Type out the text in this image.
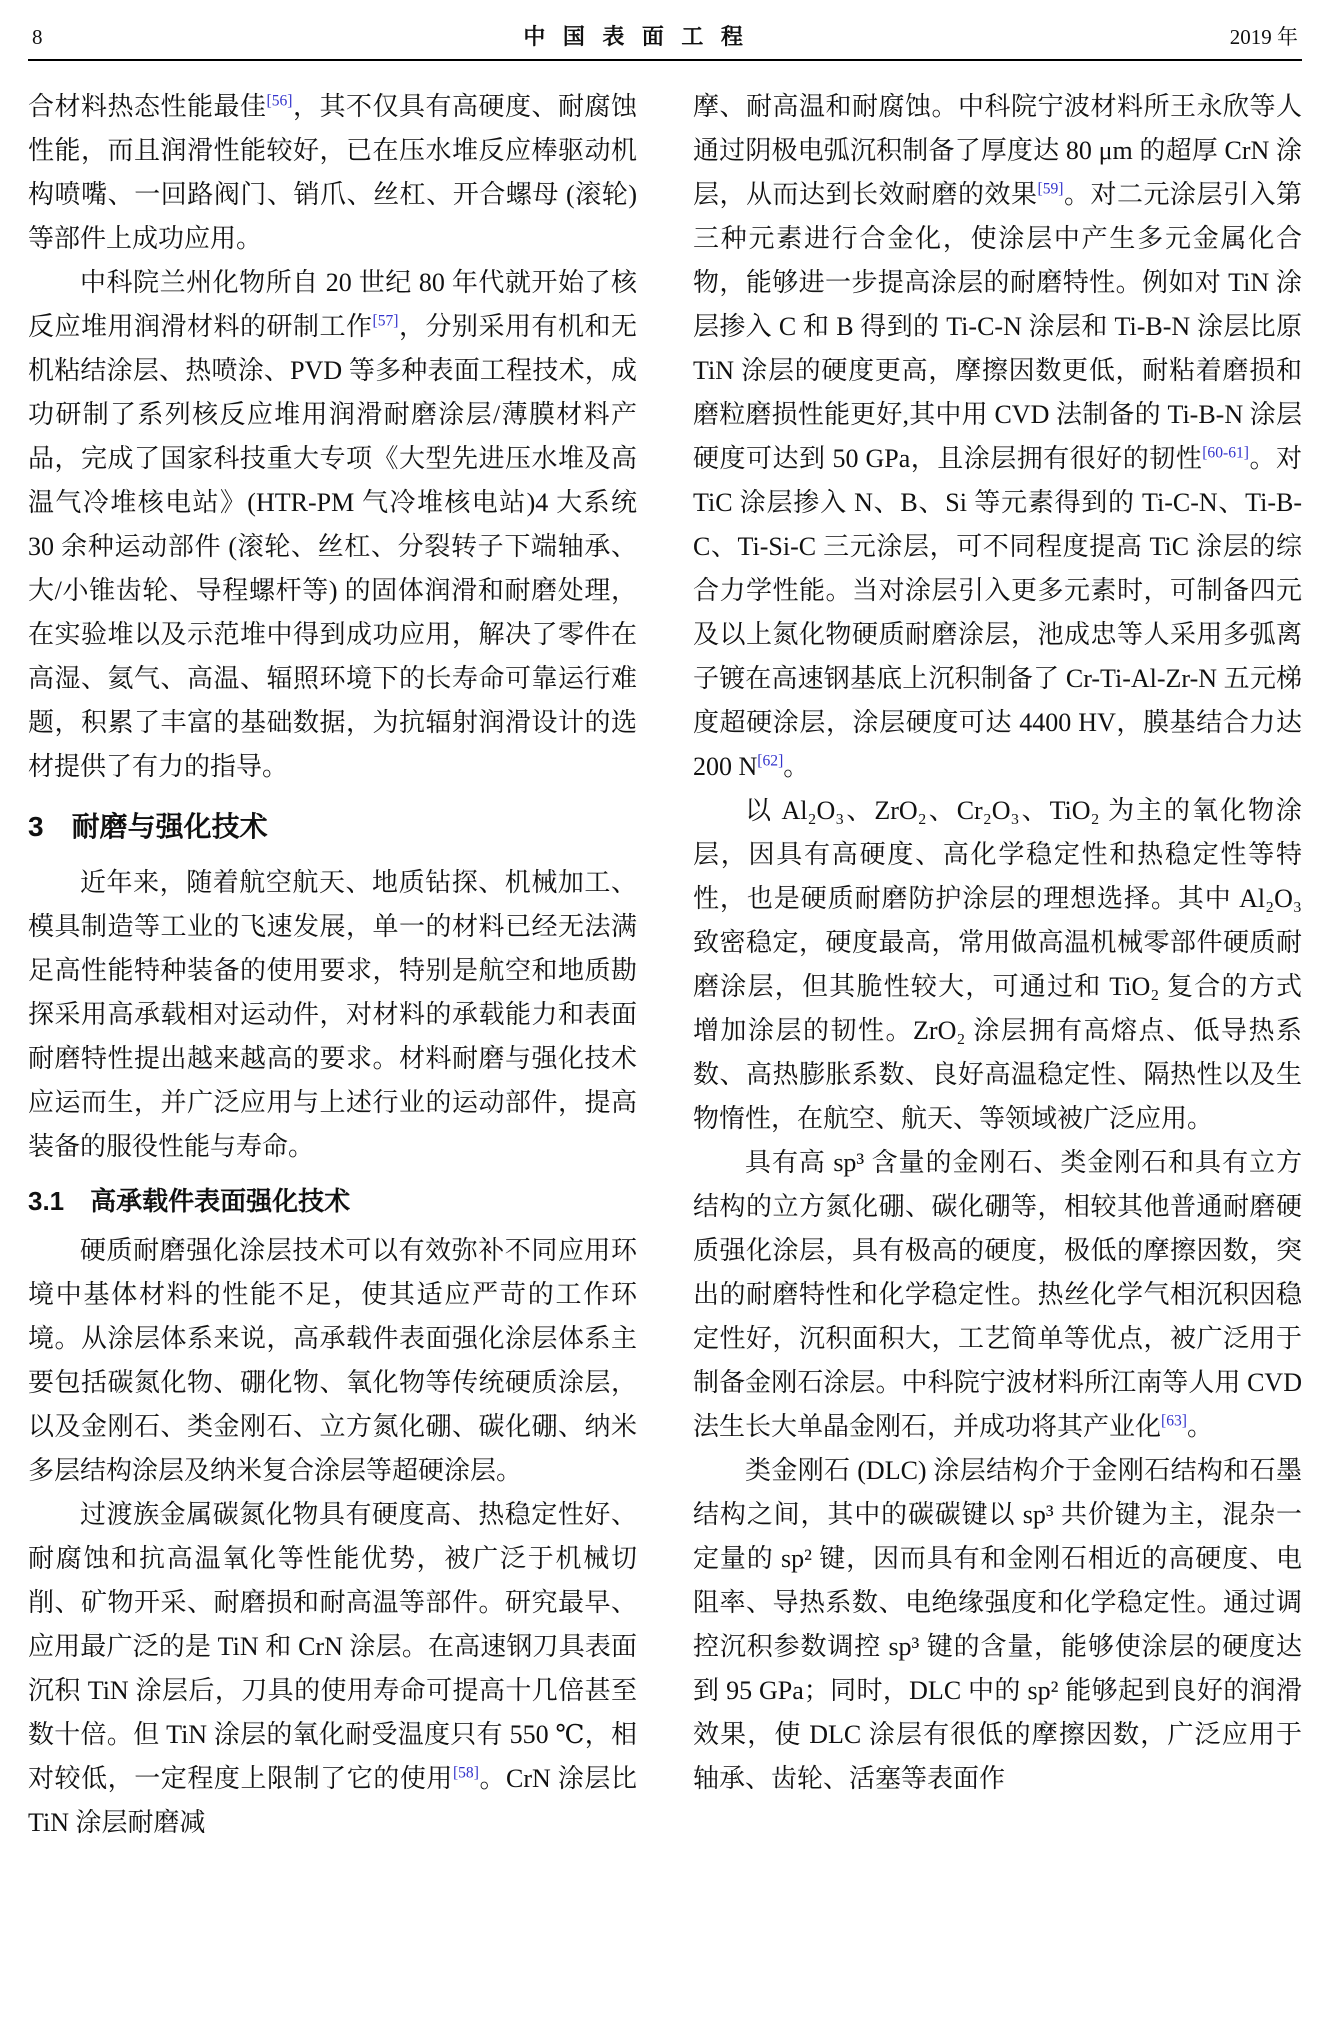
8	中 国 表 面 工 程	2019 年

合材料热态性能最佳[56]，其不仅具有高硬度、耐腐蚀性能，而且润滑性能较好，已在压水堆反应棒驱动机构喷嘴、一回路阀门、销爪、丝杠、开合螺母 (滚轮) 等部件上成功应用。

中科院兰州化物所自 20 世纪 80 年代就开始了核反应堆用润滑材料的研制工作[57]，分别采用有机和无机粘结涂层、热喷涂、PVD 等多种表面工程技术，成功研制了系列核反应堆用润滑耐磨涂层/薄膜材料产品，完成了国家科技重大专项《大型先进压水堆及高温气冷堆核电站》(HTR-PM 气冷堆核电站)4 大系统 30 余种运动部件 (滚轮、丝杠、分裂转子下端轴承、大/小锥齿轮、导程螺杆等) 的固体润滑和耐磨处理，在实验堆以及示范堆中得到成功应用，解决了零件在高湿、氦气、高温、辐照环境下的长寿命可靠运行难题，积累了丰富的基础数据，为抗辐射润滑设计的选材提供了有力的指导。

3　耐磨与强化技术

近年来，随着航空航天、地质钻探、机械加工、模具制造等工业的飞速发展，单一的材料已经无法满足高性能特种装备的使用要求，特别是航空和地质勘探采用高承载相对运动件，对材料的承载能力和表面耐磨特性提出越来越高的要求。材料耐磨与强化技术应运而生，并广泛应用与上述行业的运动部件，提高装备的服役性能与寿命。

3.1　高承载件表面强化技术

硬质耐磨强化涂层技术可以有效弥补不同应用环境中基体材料的性能不足，使其适应严苛的工作环境。从涂层体系来说，高承载件表面强化涂层体系主要包括碳氮化物、硼化物、氧化物等传统硬质涂层，以及金刚石、类金刚石、立方氮化硼、碳化硼、纳米多层结构涂层及纳米复合涂层等超硬涂层。

过渡族金属碳氮化物具有硬度高、热稳定性好、耐腐蚀和抗高温氧化等性能优势，被广泛于机械切削、矿物开采、耐磨损和耐高温等部件。研究最早、应用最广泛的是 TiN 和 CrN 涂层。在高速钢刀具表面沉积 TiN 涂层后，刀具的使用寿命可提高十几倍甚至数十倍。但 TiN 涂层的氧化耐受温度只有 550 ℃，相对较低，一定程度上限制了它的使用[58]。CrN 涂层比 TiN 涂层耐磨减

摩、耐高温和耐腐蚀。中科院宁波材料所王永欣等人通过阴极电弧沉积制备了厚度达 80 μm 的超厚 CrN 涂层，从而达到长效耐磨的效果[59]。对二元涂层引入第三种元素进行合金化，使涂层中产生多元金属化合物，能够进一步提高涂层的耐磨特性。例如对 TiN 涂层掺入 C 和 B 得到的 Ti-C-N 涂层和 Ti-B-N 涂层比原 TiN 涂层的硬度更高，摩擦因数更低，耐粘着磨损和磨粒磨损性能更好,其中用 CVD 法制备的 Ti-B-N 涂层硬度可达到 50 GPa，且涂层拥有很好的韧性[60-61]。对 TiC 涂层掺入 N、B、Si 等元素得到的 Ti-C-N、Ti-B-C、Ti-Si-C 三元涂层，可不同程度提高 TiC 涂层的综合力学性能。当对涂层引入更多元素时，可制备四元及以上氮化物硬质耐磨涂层，池成忠等人采用多弧离子镀在高速钢基底上沉积制备了 Cr-Ti-Al-Zr-N 五元梯度超硬涂层，涂层硬度可达 4400 HV，膜基结合力达 200 N[62]。

以 Al₂O₃、ZrO₂、Cr₂O₃、TiO₂ 为主的氧化物涂层，因具有高硬度、高化学稳定性和热稳定性等特性，也是硬质耐磨防护涂层的理想选择。其中 Al₂O₃ 致密稳定，硬度最高，常用做高温机械零部件硬质耐磨涂层，但其脆性较大，可通过和 TiO₂ 复合的方式增加涂层的韧性。ZrO₂ 涂层拥有高熔点、低导热系数、高热膨胀系数、良好高温稳定性、隔热性以及生物惰性，在航空、航天、等领域被广泛应用。

具有高 sp³ 含量的金刚石、类金刚石和具有立方结构的立方氮化硼、碳化硼等，相较其他普通耐磨硬质强化涂层，具有极高的硬度，极低的摩擦因数，突出的耐磨特性和化学稳定性。热丝化学气相沉积因稳定性好，沉积面积大，工艺简单等优点，被广泛用于制备金刚石涂层。中科院宁波材料所江南等人用 CVD 法生长大单晶金刚石，并成功将其产业化[63]。

类金刚石 (DLC) 涂层结构介于金刚石结构和石墨结构之间，其中的碳碳键以 sp³ 共价键为主，混杂一定量的 sp² 键，因而具有和金刚石相近的高硬度、电阻率、导热系数、电绝缘强度和化学稳定性。通过调控沉积参数调控 sp³ 键的含量，能够使涂层的硬度达到 95 GPa；同时，DLC 中的 sp² 能够起到良好的润滑效果，使 DLC 涂层有很低的摩擦因数，广泛应用于轴承、齿轮、活塞等表面作
